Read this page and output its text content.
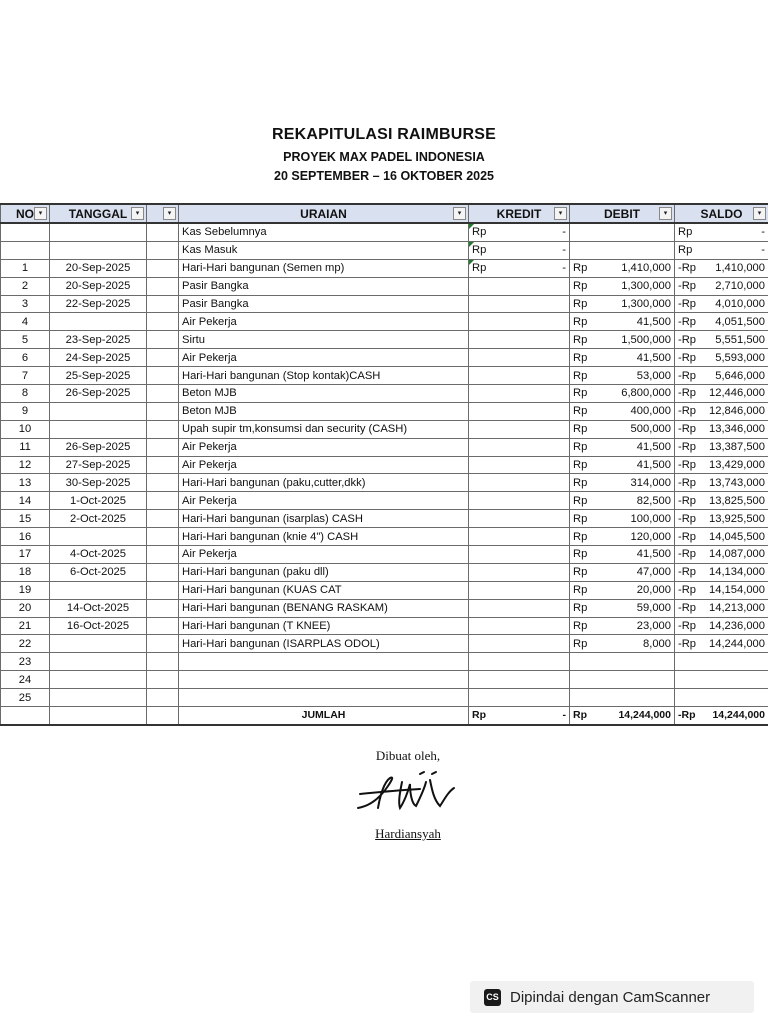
REKAPITULASI RAIMBURSE
PROYEK MAX PADEL INDONESIA
20 SEPTEMBER – 16 OKTOBER 2025
NO ▾	TANGGAL ▾	▾	URAIAN ▾	KREDIT ▾	DEBIT ▾	SALDO ▾

			Kas Sebelumnya	Rp -		Rp -

			Kas Masuk	Rp -		Rp -

1	20-Sep-2025		Hari-Hari bangunan (Semen mp)	Rp -	Rp 1,410,000	-Rp 1,410,000

2	20-Sep-2025		Pasir Bangka		Rp 1,300,000	-Rp 2,710,000

3	22-Sep-2025		Pasir Bangka		Rp 1,300,000	-Rp 4,010,000

4			Air Pekerja		Rp 41,500	-Rp 4,051,500

5	23-Sep-2025		Sirtu		Rp 1,500,000	-Rp 5,551,500

6	24-Sep-2025		Air Pekerja		Rp 41,500	-Rp 5,593,000

7	25-Sep-2025		Hari-Hari bangunan (Stop kontak)CASH		Rp 53,000	-Rp 5,646,000

8	26-Sep-2025		Beton MJB		Rp 6,800,000	-Rp 12,446,000

9			Beton MJB		Rp 400,000	-Rp 12,846,000

10			Upah supir tm,konsumsi dan security (CASH)		Rp 500,000	-Rp 13,346,000

11	26-Sep-2025		Air Pekerja		Rp 41,500	-Rp 13,387,500

12	27-Sep-2025		Air Pekerja		Rp 41,500	-Rp 13,429,000

13	30-Sep-2025		Hari-Hari bangunan (paku,cutter,dkk)		Rp 314,000	-Rp 13,743,000

14	1-Oct-2025		Air Pekerja		Rp 82,500	-Rp 13,825,500

15	2-Oct-2025		Hari-Hari bangunan (isarplas) CASH		Rp 100,000	-Rp 13,925,500

16			Hari-Hari bangunan (knie 4") CASH		Rp 120,000	-Rp 14,045,500

17	4-Oct-2025		Air Pekerja		Rp 41,500	-Rp 14,087,000

18	6-Oct-2025		Hari-Hari bangunan (paku dll)		Rp 47,000	-Rp 14,134,000

19			Hari-Hari bangunan (KUAS CAT		Rp 20,000	-Rp 14,154,000

20	14-Oct-2025		Hari-Hari bangunan (BENANG RASKAM)		Rp 59,000	-Rp 14,213,000

21	16-Oct-2025		Hari-Hari bangunan (T KNEE)		Rp 23,000	-Rp 14,236,000

22			Hari-Hari bangunan (ISARPLAS ODOL)		Rp 8,000	-Rp 14,244,000

23				

24				

25				

			JUMLAH	Rp -	Rp 14,244,000	-Rp 14,244,000
Dibuat oleh,
Hardiansyah
CS Dipindai dengan CamScanner
